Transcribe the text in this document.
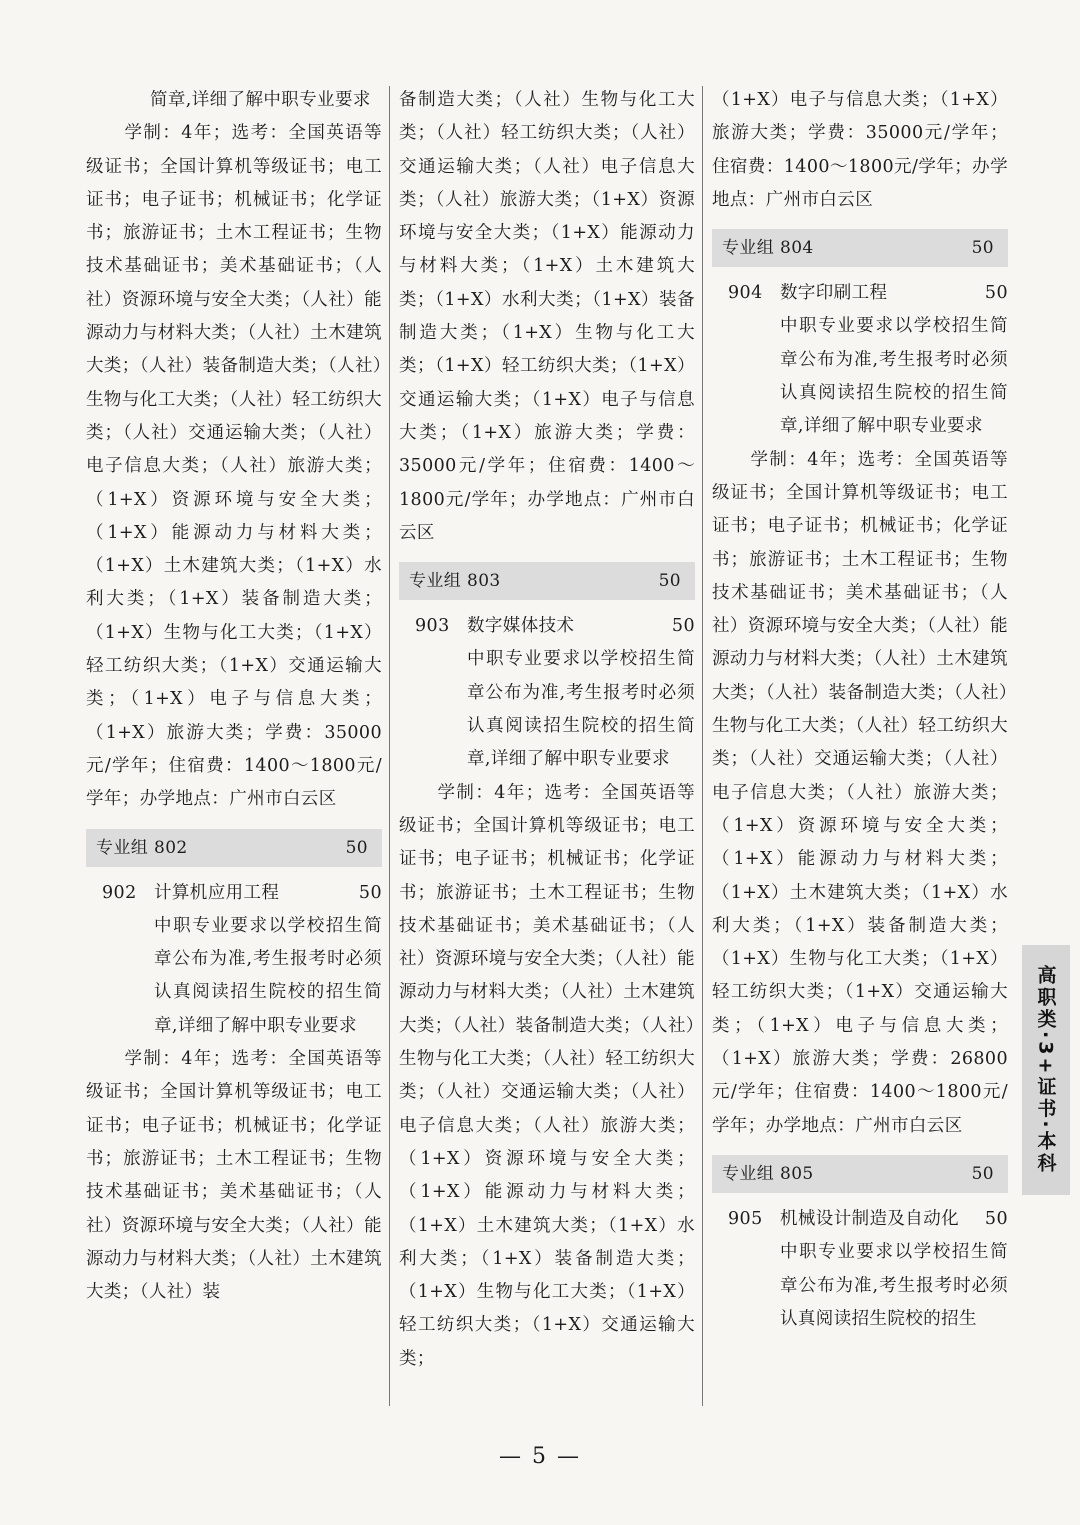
简章,详细了解中职专业要求

学制：4年；选考：全国英语等级证书；全国计算机等级证书；电工证书；电子证书；机械证书；化学证书；旅游证书；土木工程证书；生物技术基础证书；美术基础证书；（人社）资源环境与安全大类；（人社）能源动力与材料大类；（人社）土木建筑大类；（人社）装备制造大类；（人社）生物与化工大类；（人社）轻工纺织大类；（人社）交通运输大类；（人社）电子信息大类；（人社）旅游大类；（1+X）资源环境与安全大类；（1+X）能源动力与材料大类；（1+X）土木建筑大类；（1+X）水利大类；（1+X）装备制造大类；（1+X）生物与化工大类；（1+X）轻工纺织大类；（1+X）交通运输大类；（1+X）电子与信息大类；（1+X）旅游大类；学费：35000元/学年；住宿费：1400～1800元/学年；办学地点：广州市白云区

专业组 802	50
902 计算机应用工程	50

中职专业要求以学校招生简章公布为准,考生报考时必须认真阅读招生院校的招生简章,详细了解中职专业要求

学制：4年；选考：全国英语等级证书；全国计算机等级证书；电工证书；电子证书；机械证书；化学证书；旅游证书；土木工程证书；生物技术基础证书；美术基础证书；（人社）资源环境与安全大类；（人社）能源动力与材料大类；（人社）土木建筑大类；（人社）装

备制造大类；（人社）生物与化工大类；（人社）轻工纺织大类；（人社）交通运输大类；（人社）电子信息大类；（人社）旅游大类；（1+X）资源环境与安全大类；（1+X）能源动力与材料大类；（1+X）土木建筑大类；（1+X）水利大类；（1+X）装备制造大类；（1+X）生物与化工大类；（1+X）轻工纺织大类；（1+X）交通运输大类；（1+X）电子与信息大类；（1+X）旅游大类；学费：35000元/学年；住宿费：1400～1800元/学年；办学地点：广州市白云区

专业组 803	50
903 数字媒体技术	50

中职专业要求以学校招生简章公布为准,考生报考时必须认真阅读招生院校的招生简章,详细了解中职专业要求

学制：4年；选考：全国英语等级证书；全国计算机等级证书；电工证书；电子证书；机械证书；化学证书；旅游证书；土木工程证书；生物技术基础证书；美术基础证书；（人社）资源环境与安全大类；（人社）能源动力与材料大类；（人社）土木建筑大类；（人社）装备制造大类；（人社）生物与化工大类；（人社）轻工纺织大类；（人社）交通运输大类；（人社）电子信息大类；（人社）旅游大类；（1+X）资源环境与安全大类；（1+X）能源动力与材料大类；（1+X）土木建筑大类；（1+X）水利大类；（1+X）装备制造大类；（1+X）生物与化工大类；（1+X）轻工纺织大类；（1+X）交通运输大类；

（1+X）电子与信息大类；（1+X）旅游大类；学费：35000元/学年；住宿费：1400～1800元/学年；办学地点：广州市白云区

专业组 804	50
904 数字印刷工程	50

中职专业要求以学校招生简章公布为准,考生报考时必须认真阅读招生院校的招生简章,详细了解中职专业要求

学制：4年；选考：全国英语等级证书；全国计算机等级证书；电工证书；电子证书；机械证书；化学证书；旅游证书；土木工程证书；生物技术基础证书；美术基础证书；（人社）资源环境与安全大类；（人社）能源动力与材料大类；（人社）土木建筑大类；（人社）装备制造大类；（人社）生物与化工大类；（人社）轻工纺织大类；（人社）交通运输大类；（人社）电子信息大类；（人社）旅游大类；（1+X）资源环境与安全大类；（1+X）能源动力与材料大类；（1+X）土木建筑大类；（1+X）水利大类；（1+X）装备制造大类；（1+X）生物与化工大类；（1+X）轻工纺织大类；（1+X）交通运输大类；（1+X）电子与信息大类；（1+X）旅游大类；学费：26800元/学年；住宿费：1400～1800元/学年；办学地点：广州市白云区

专业组 805	50
905 机械设计制造及自动化	50

中职专业要求以学校招生简章公布为准,考生报考时必须认真阅读招生院校的招生

高职类·3+证书·本科
— 5 —
